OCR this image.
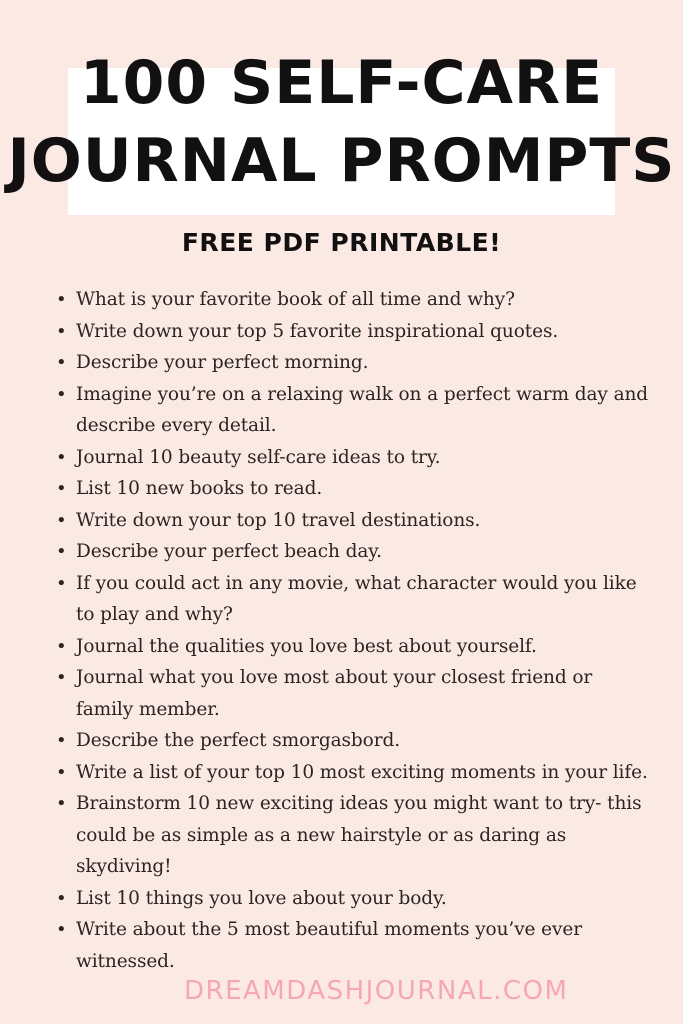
100 SELF-CARE
JOURNAL PROMPTS
FREE PDF PRINTABLE!
• What is your favorite book of all time and why?
• Write down your top 5 favorite inspirational quotes.
• Describe your perfect morning.
• Imagine you’re on a relaxing walk on a perfect warm day and describe every detail.
• Journal 10 beauty self-care ideas to try.
• List 10 new books to read.
• Write down your top 10 travel destinations.
• Describe your perfect beach day.
• If you could act in any movie, what character would you like to play and why?
• Journal the qualities you love best about yourself.
• Journal what you love most about your closest friend or family member.
• Describe the perfect smorgasbord.
• Write a list of your top 10 most exciting moments in your life.
• Brainstorm 10 new exciting ideas you might want to try- this could be as simple as a new hairstyle or as daring as skydiving!
• List 10 things you love about your body.
• Write about the 5 most beautiful moments you’ve ever witnessed.
DREAMDASHJOURNAL.COM
